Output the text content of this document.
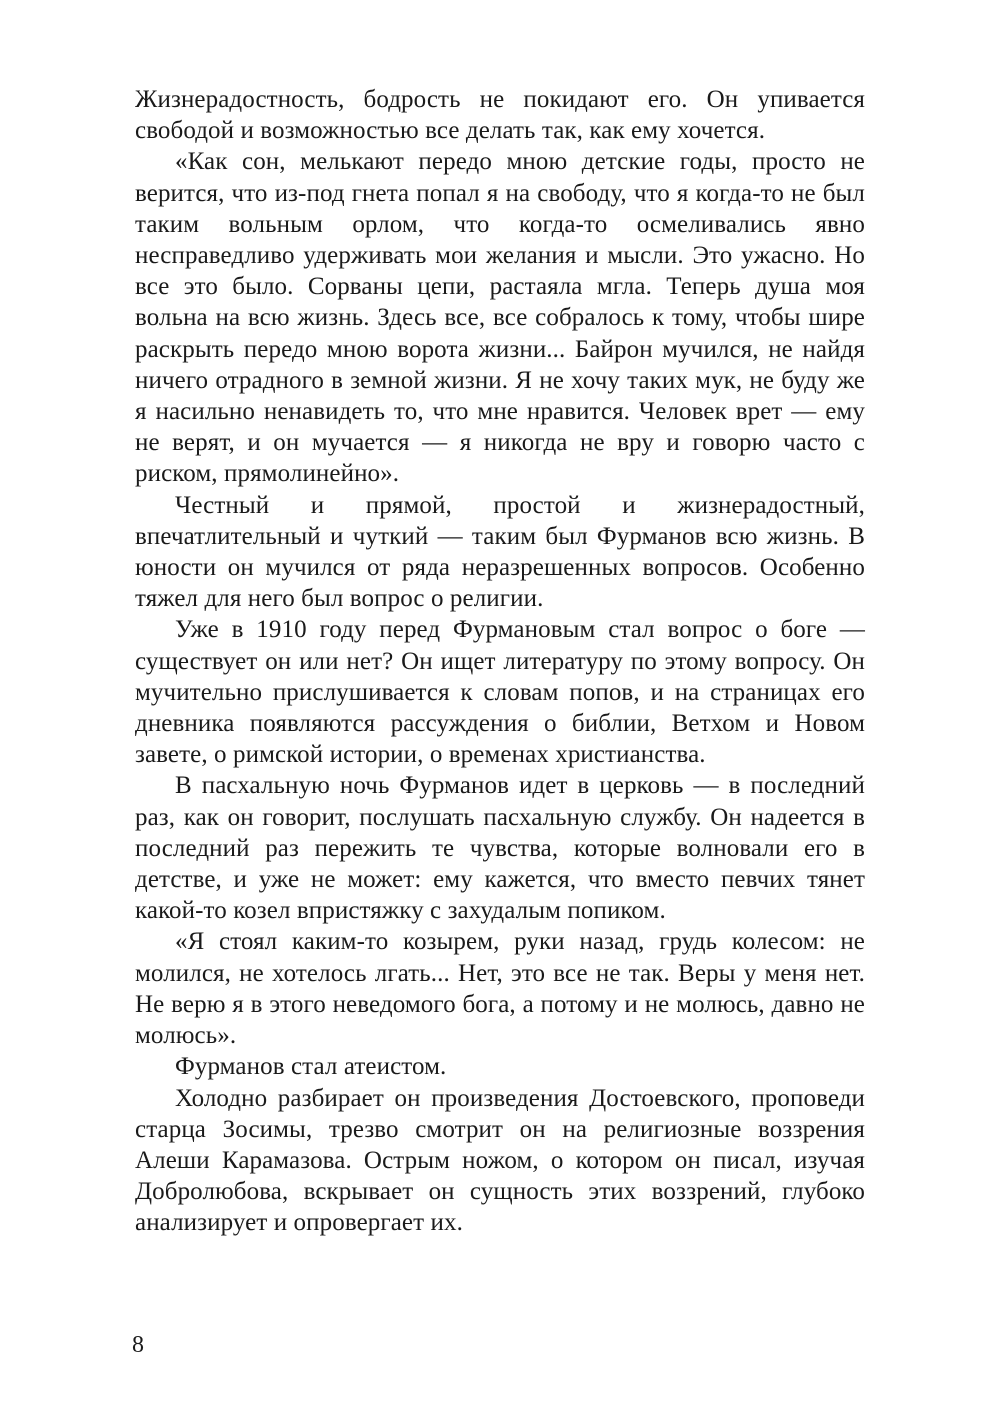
Жизнерадостность, бодрость не покидают его. Он упивается свободой и возможностью все делать так, как ему хочется.

«Как сон, мелькают передо мною детские годы, просто не верится, что из-под гнета попал я на свободу, что я когда-то не был таким вольным орлом, что когда-то осмеливались явно несправедливо удерживать мои желания и мысли. Это ужасно. Но все это было. Сорваны цепи, растаяла мгла. Теперь душа моя вольна на всю жизнь. Здесь все, все собралось к тому, чтобы шире раскрыть передо мною ворота жизни... Байрон мучился, не найдя ничего отрадного в земной жизни. Я не хочу таких мук, не буду же я насильно ненавидеть то, что мне нравится. Человек врет — ему не верят, и он мучается — я никогда не вру и говорю часто с риском, прямолинейно».

Честный и прямой, простой и жизнерадостный, впечатлительный и чуткий — таким был Фурманов всю жизнь. В юности он мучился от ряда неразрешенных вопросов. Особенно тяжел для него был вопрос о религии.

Уже в 1910 году перед Фурмановым стал вопрос о боге — существует он или нет? Он ищет литературу по этому вопросу. Он мучительно прислушивается к словам попов, и на страницах его дневника появляются рассуждения о библии, Ветхом и Новом завете, о римской истории, о временах христианства.

В пасхальную ночь Фурманов идет в церковь — в последний раз, как он говорит, послушать пасхальную службу. Он надеется в последний раз пережить те чувства, которые волновали его в детстве, и уже не может: ему кажется, что вместо певчих тянет какой-то козел впристяжку с захудалым попиком.

«Я стоял каким-то козырем, руки назад, грудь колесом: не молился, не хотелось лгать... Нет, это все не так. Веры у меня нет. Не верю я в этого неведомого бога, а потому и не молюсь, давно не молюсь».

Фурманов стал атеистом.

Холодно разбирает он произведения Достоевского, проповеди старца Зосимы, трезво смотрит он на религиозные воззрения Алеши Карамазова. Острым ножом, о котором он писал, изучая Добролюбова, вскрывает он сущность этих воззрений, глубоко анализирует и опровергает их.

8
